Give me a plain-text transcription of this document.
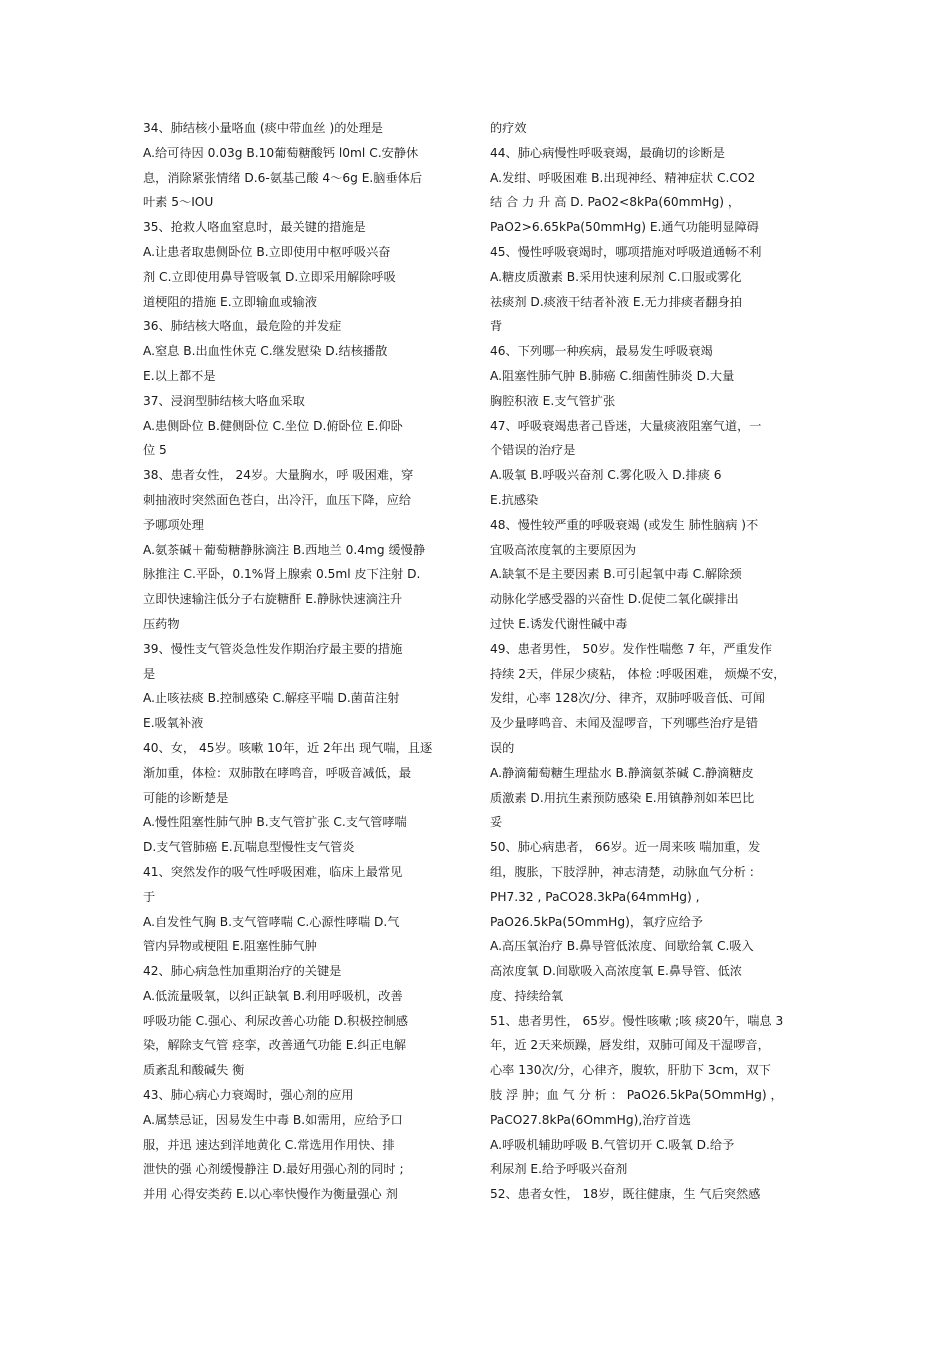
34、肺结核小量咯血 (痰中带血丝 )的处理是
A.给可待因 0.03g B.10葡萄糖酸钙 l0ml C.安静休
息，消除紧张情绪 D.6-氨基己酸 4～6g E.脑垂体后
叶素 5～IOU
35、抢救人咯血窒息时，最关键的措施是
A.让患者取患侧卧位 B.立即使用中枢呼吸兴奋
剂 C.立即使用鼻导管吸氧 D.立即采用解除呼吸
道梗阻的措施 E.立即输血或输液
36、肺结核大咯血，最危险的并发症
A.窒息 B.出血性休克 C.继发慰染 D.结核播散
E.以上都不是
37、浸润型肺结核大咯血采取
A.患侧卧位 B.健侧卧位 C.坐位 D.俯卧位 E.仰卧
位 5
38、患者女性， 24岁。大量胸水，呼 吸困难，穿
刺抽液时突然面色苍白，出冷汗，血压下降，应给
予哪项处理
A.氨茶碱＋葡萄糖静脉滴注 B.西地兰 0.4mg 缓慢静
脉推注 C.平卧，0.1%肾上腺索 0.5ml 皮下注射 D.
立即快速输注低分子右旋糖酐 E.静脉快速滴注升
压药物
39、慢性支气管炎急性发作期治疗最主要的措施
是
A.止咳祛痰 B.控制感染 C.解痉平喘 D.菌苗注射
E.吸氧补液
40、女， 45岁。咳嗽 10年，近 2年出 现气喘，且逐
渐加重，体检：双肺散在哮鸣音，呼吸音减低，最
可能的诊断楚是
A.慢性阻塞性肺气肿 B.支气管扩张 C.支气管哮喘
D.支气管肺癌 E.瓦喘息型慢性支气管炎
41、突然发作的吸气性呼吸困难，临床上最常见
于
A.自发性气胸 B.支气管哮喘 C.心源性哮喘 D.气
管内异物或梗阻 E.阻塞性肺气肿
42、肺心病急性加重期治疗的关键是
A.低流量吸氧，以纠正缺氧 B.利用呼吸机，改善
呼吸功能 C.强心、利尿改善心功能 D.积极控制感
染，解除支气管 痉挛，改善通气功能 E.纠正电解
质紊乱和酸碱失 衡
43、肺心病心力衰竭时，强心剂的应用
A.属禁忌证，因易发生中毒 B.如需用，应给予口
服，并迅 速达到洋地黄化 C.常选用作用快、排
泄快的强 心剂缓慢静注 D.最好用强心剂的同时 ;
并用 心得安类药 E.以心率快慢作为衡量强心 剂
的疗效
44、肺心病慢性呼吸衰竭，最确切的诊断是
A.发绀、呼吸困难 B.出现神经、精神症状 C.CO2
结 合 力 升 高 D. PaO2<8kPa(60mmHg) ，
PaO2>6.65kPa(50mmHg) E.通气功能明显障碍
45、慢性呼吸衰竭时，哪项措施对呼吸道通畅不利
A.糖皮质激素 B.采用快速利尿剂 C.口服或雾化
祛痰剂 D.痰液干结者补液 E.无力排痰者翻身拍
背
46、下列哪一种疾病，最易发生呼吸衰竭
A.阻塞性肺气肿 B.肺癌 C.细菌性肺炎 D.大量
胸腔积液 E.支气管扩张
47、呼吸衰竭患者己昏迷，大量痰液阻塞气道，一
个错误的治疗是
A.吸氧 B.呼吸兴奋剂 C.雾化吸入 D.排痰 6
E.抗感染
48、慢性较严重的呼吸衰竭 (或发生 肺性脑病 )不
宜吸高浓度氧的主要原因为
A.缺氧不是主要因素 B.可引起氧中毒 C.解除颈
动脉化学感受器的兴奋性 D.促使二氧化碳排出
过快 E.诱发代谢性碱中毒
49、患者男性， 50岁。发作性喘憋 7 年，严重发作
持续 2天，伴尿少痰粘， 体检 :呼吸困难， 烦燥不安，
发绀，心率 128次/分、律齐，双肺呼吸音低、可闻
及少量哮鸣音、未闻及湿啰音，下列哪些治疗是错
误的
A.静滴葡萄糖生理盐水 B.静滴氨茶碱 C.静滴糖皮
质激素 D.用抗生素预防感染 E.用镇静剂如苯巴比
妥
50、肺心病患者， 66岁。近一周来咳 喘加重，发
组，腹胀，下肢浮肿，神志清楚，动脉血气分析 :
PH7.32 , PaCO28.3kPa(64mmHg) ,
PaO26.5kPa(5OmmHg)，氧疗应给予
A.高压氧治疗 B.鼻导管低浓度、间歇给氧 C.吸入
高浓度氧 D.间歇吸入高浓度氧 E.鼻导管、低浓
度、持续给氧
51、患者男性， 65岁。慢性咳嗽 ;咳 痰20午，喘息 3
年，近 2天来烦躁，唇发绀，双肺可闻及干湿啰音，
心率 130次/分，心律齐，腹软，肝肋下 3cm，双下
肢 浮 肿；血 气 分 析 ： PaO26.5kPa(5OmmHg) ，
PaCO27.8kPa(6OmmHg),治疗首选
A.呼吸机辅助呼吸 B.气管切开 C.吸氧 D.给予
利尿剂 E.给予呼吸兴奋剂
52、患者女性， 18岁，既往健康，生 气后突然感
